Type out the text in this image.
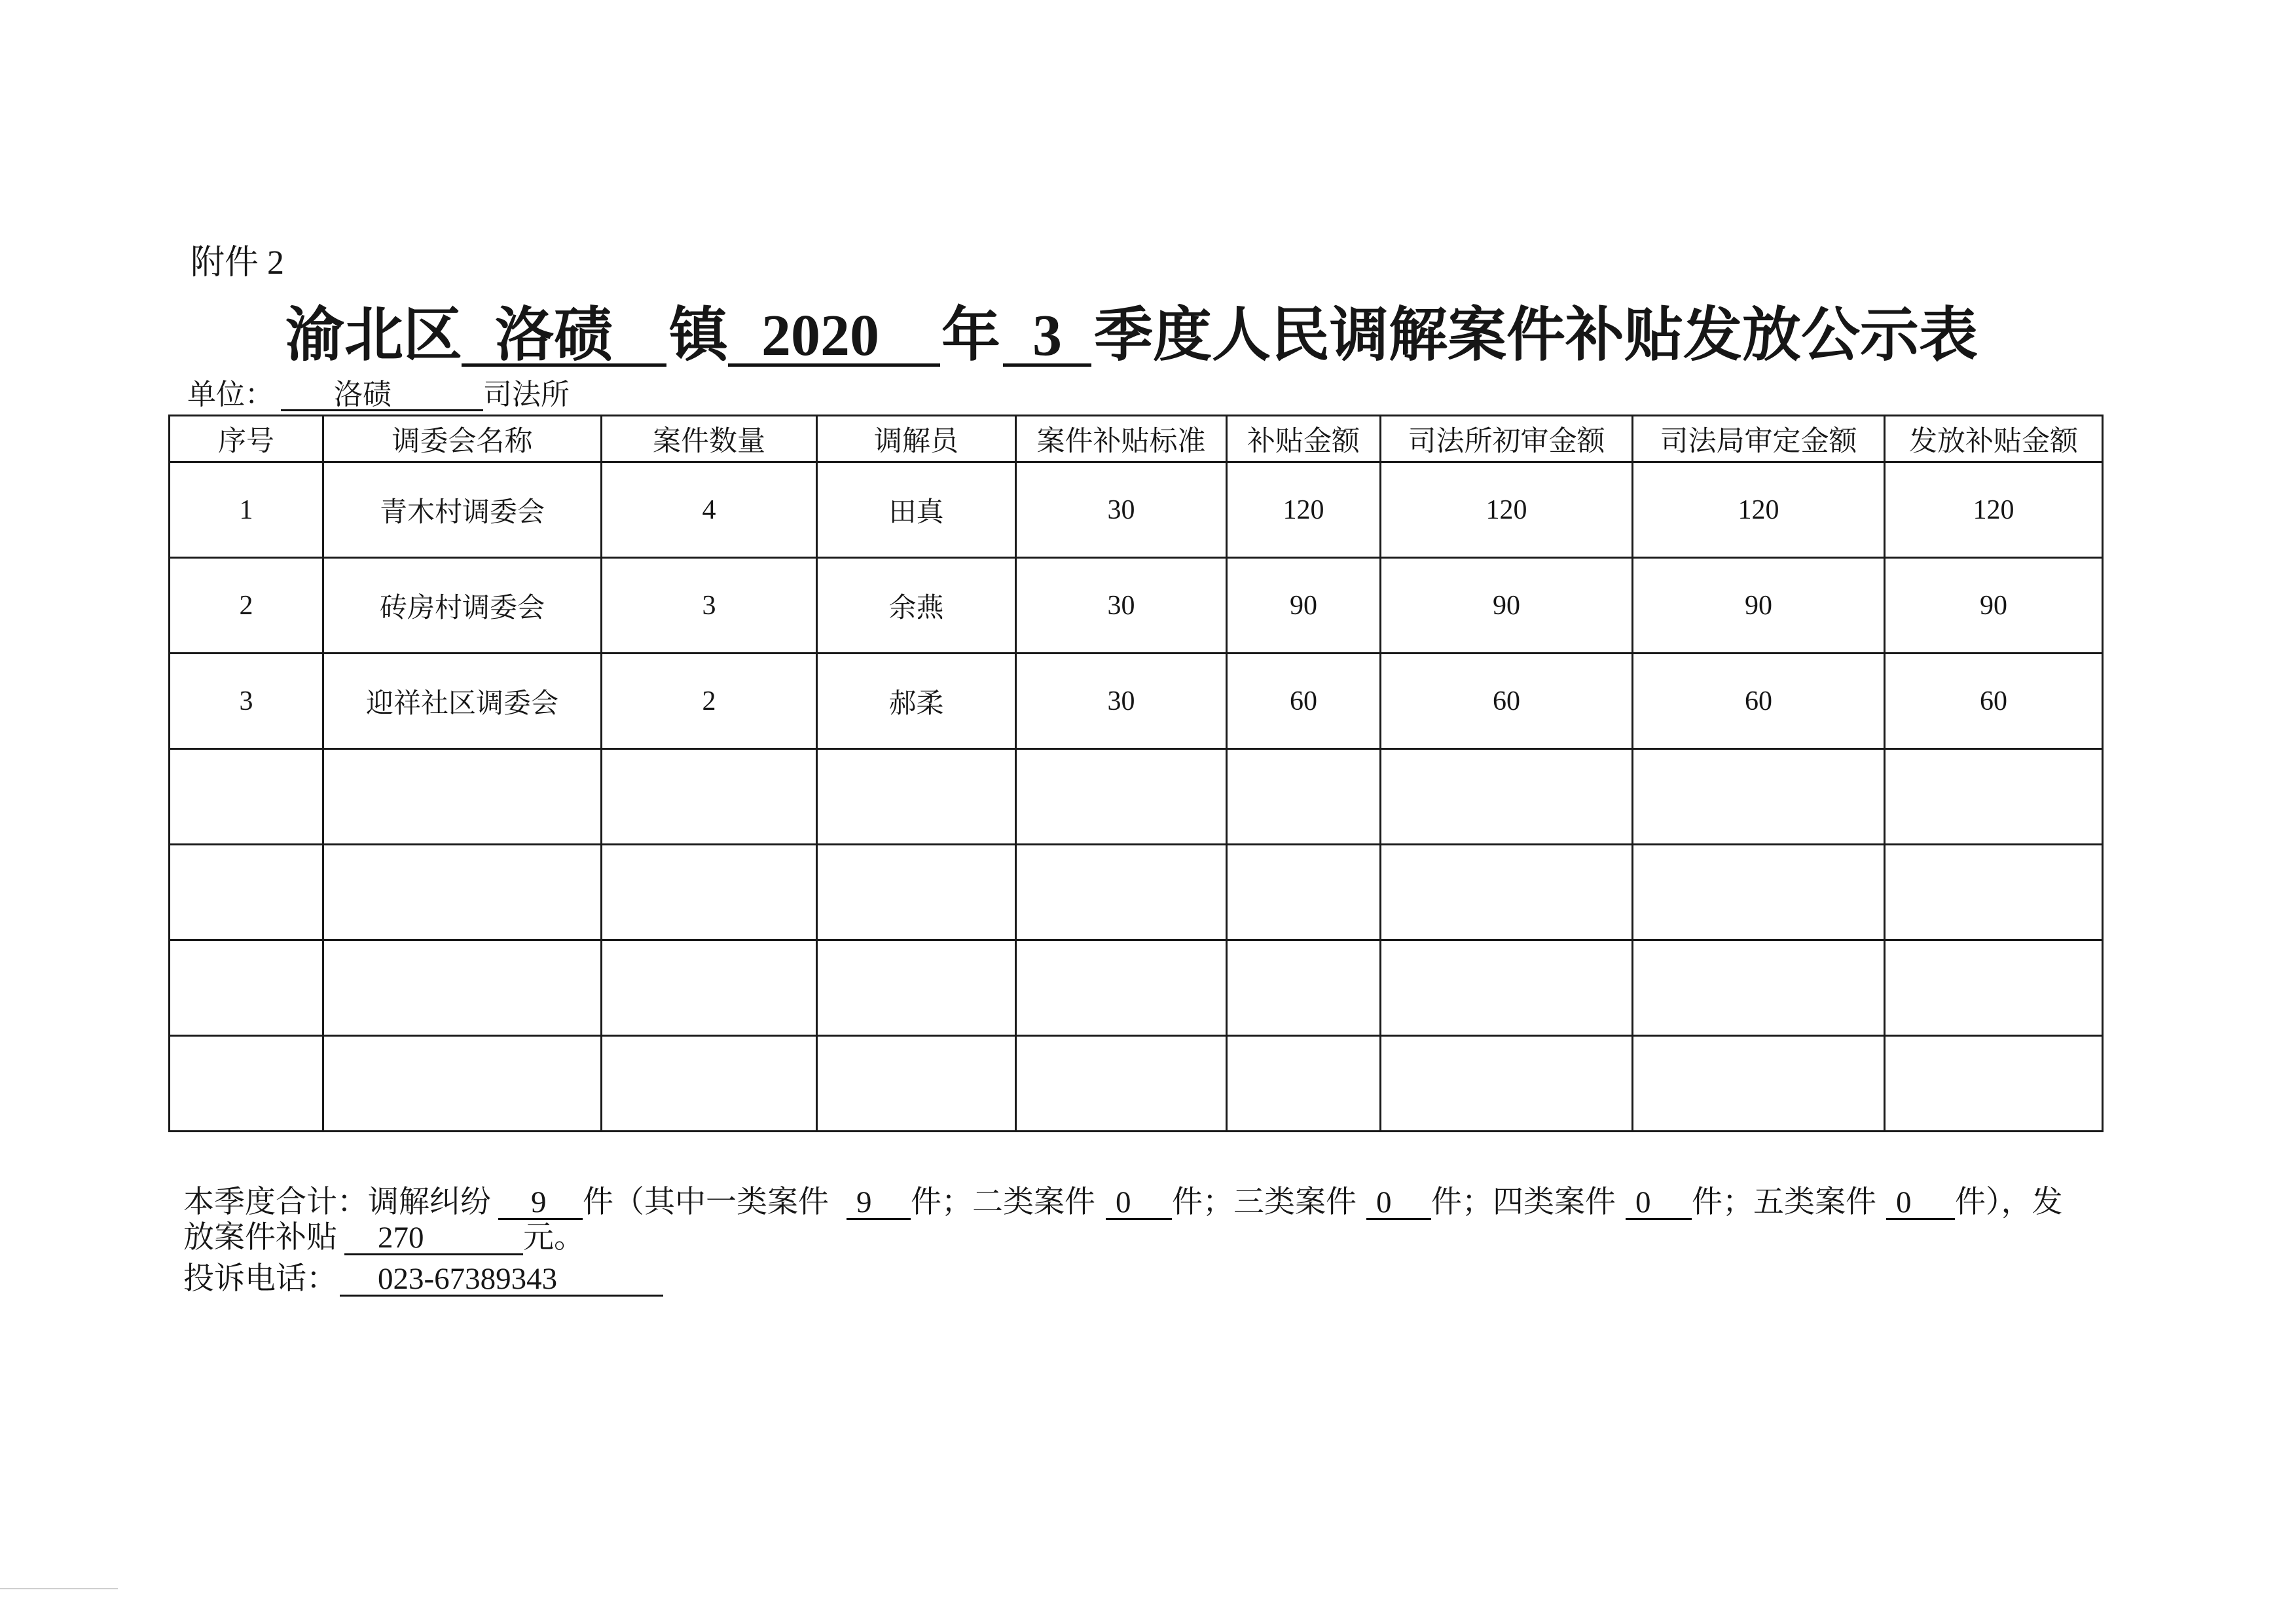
附件 2
渝北区 洛碛 镇 2020	年 3 季度人民调解案件补贴发放公示表
单位：	洛碛	司法所
序号	调委会名称	案件数量	调解员	案件补贴标准	补贴金额	司法所初审金额	司法局审定金额	发放补贴金额
1	青木村调委会	4	田真	30	120	120	120	120
2	砖房村调委会	3	余燕	30	90	90	90	90
3	迎祥社区调委会	2	郝柔	30	60	60	60	60

本季度合计：调解纠纷	9	件（其中一类案件 9	件；二类案件 0	件；三类案件 0	件；四类案件 0	件；五类案件 0	件），发
放案件补贴	270	元。
投诉电话：	023-67389343
